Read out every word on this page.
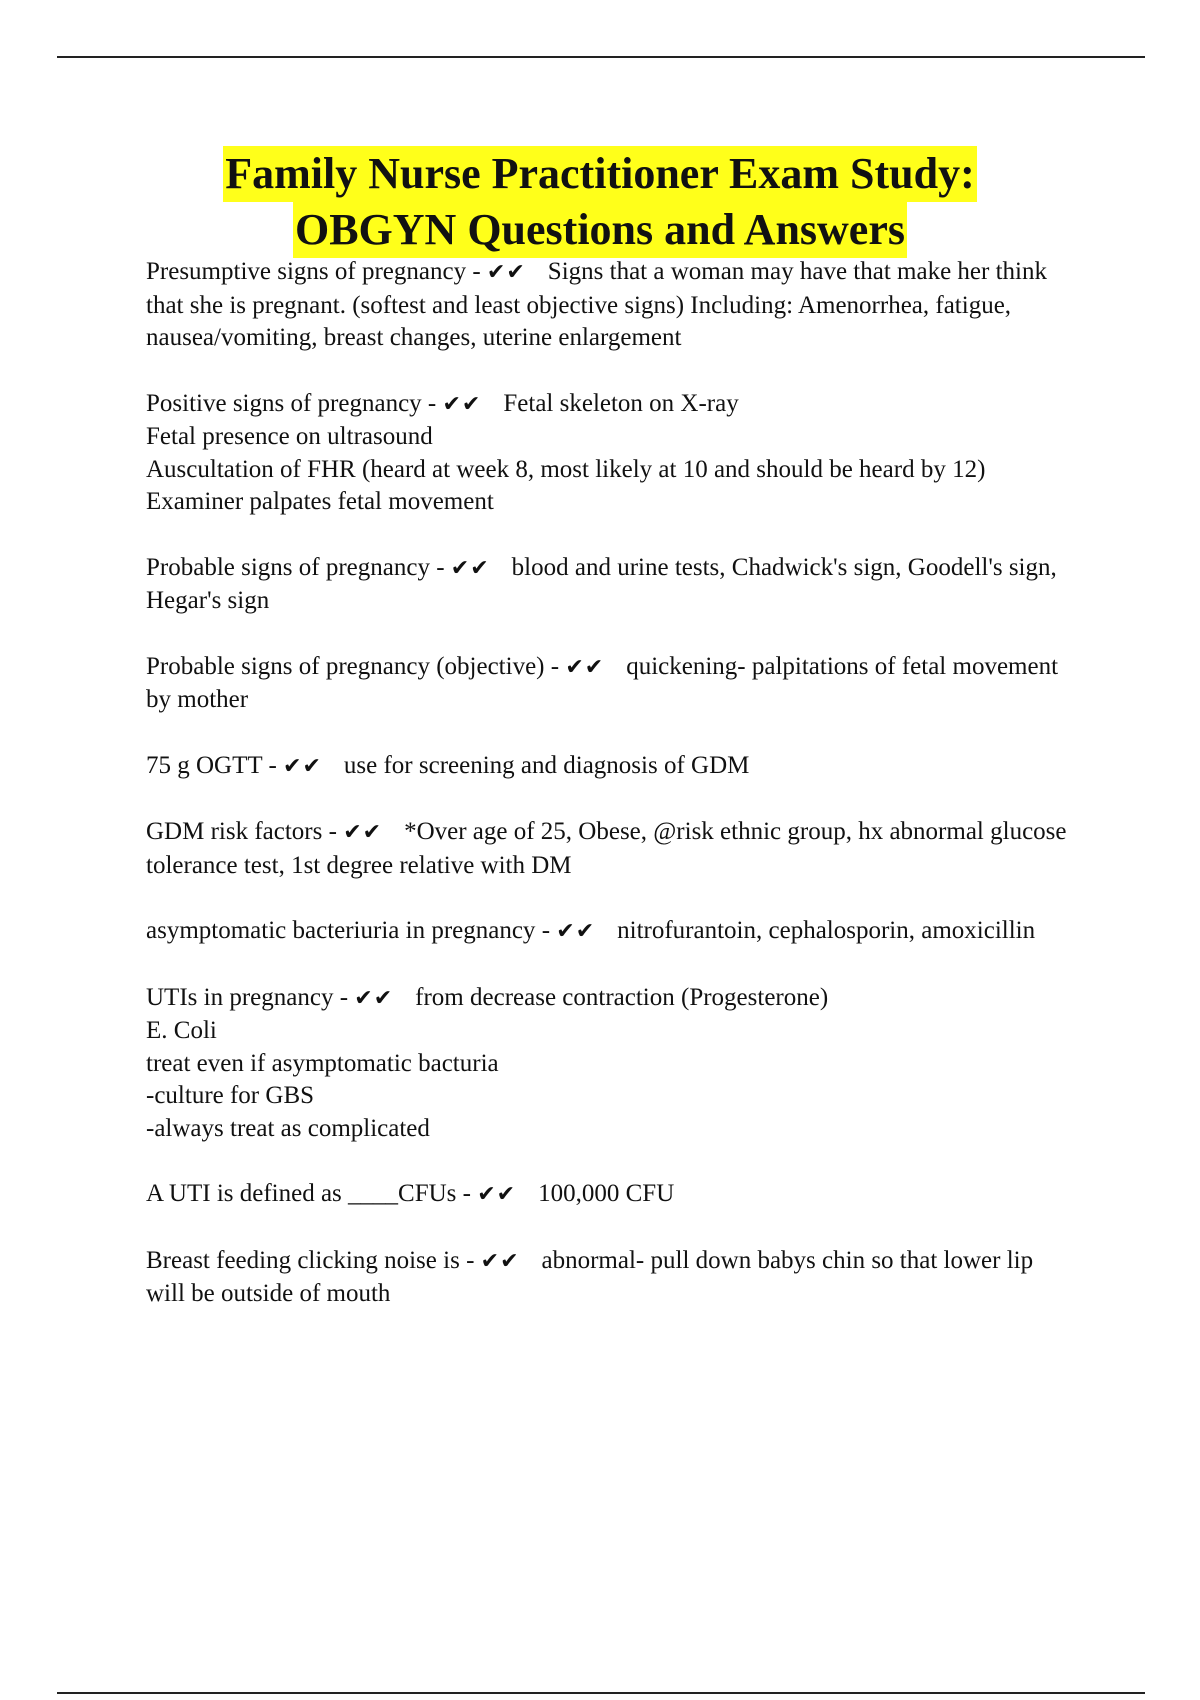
Family Nurse Practitioner Exam Study:
OBGYN Questions and Answers
Presumptive signs of pregnancy - ✔✔ Signs that a woman may have that make her think that she is pregnant. (softest and least objective signs) Including: Amenorrhea, fatigue, nausea/vomiting, breast changes, uterine enlargement
Positive signs of pregnancy - ✔✔ Fetal skeleton on X-ray
Fetal presence on ultrasound
Auscultation of FHR (heard at week 8, most likely at 10 and should be heard by 12)
Examiner palpates fetal movement
Probable signs of pregnancy - ✔✔ blood and urine tests, Chadwick's sign, Goodell's sign, Hegar's sign
Probable signs of pregnancy (objective) - ✔✔ quickening- palpitations of fetal movement by mother
75 g OGTT - ✔✔ use for screening and diagnosis of GDM
GDM risk factors - ✔✔ *Over age of 25, Obese, @risk ethnic group, hx abnormal glucose tolerance test, 1st degree relative with DM
asymptomatic bacteriuria in pregnancy - ✔✔ nitrofurantoin, cephalosporin, amoxicillin
UTIs in pregnancy - ✔✔ from decrease contraction (Progesterone)
E. Coli
treat even if asymptomatic bacturia
-culture for GBS
-always treat as complicated
A UTI is defined as ____CFUs - ✔✔ 100,000 CFU
Breast feeding clicking noise is - ✔✔ abnormal- pull down babys chin so that lower lip will be outside of mouth
